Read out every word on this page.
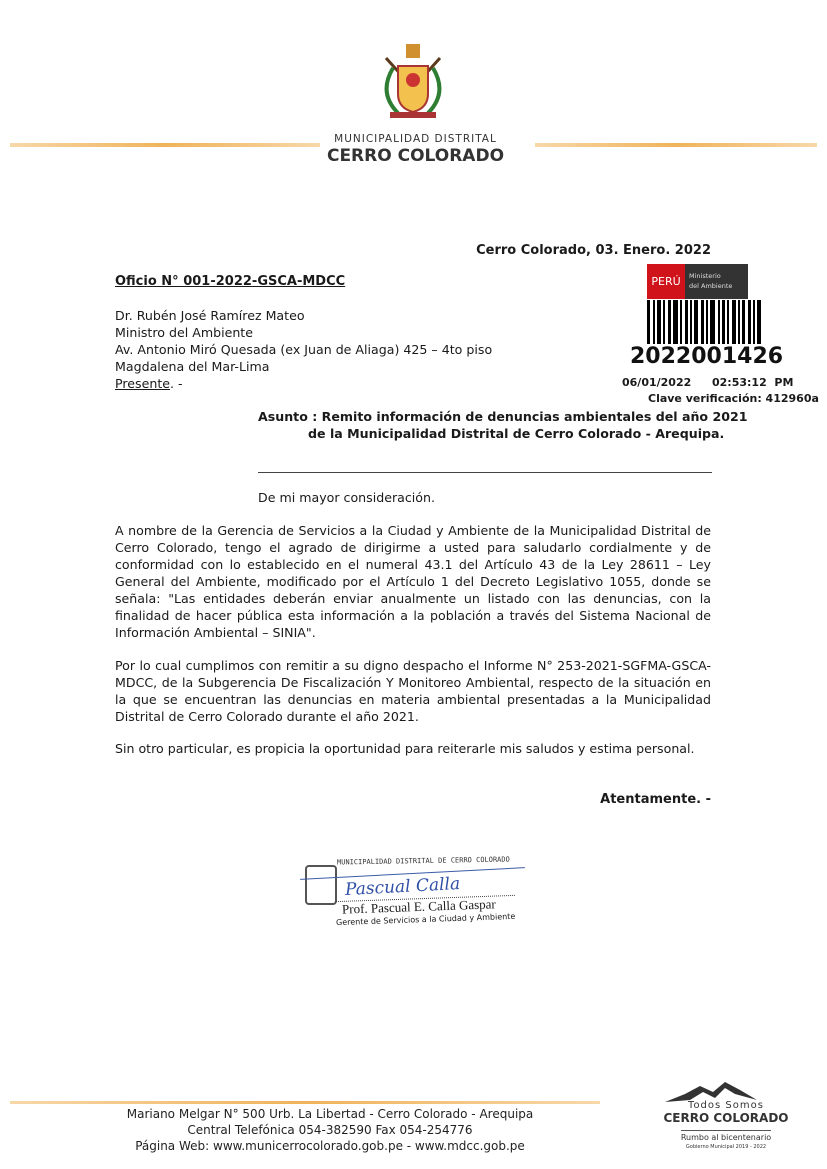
MUNICIPALIDAD DISTRITAL
CERRO COLORADO
Cerro Colorado, 03. Enero. 2022
Oficio N° 001-2022-GSCA-MDCC	PERÚ	Ministerio
del Ambiente
2022001426
06/01/2022 02:53:12  PM
Clave verificación: 412960a
Dr. Rubén José Ramírez Mateo
Ministro del Ambiente
Av. Antonio Miró Quesada (ex Juan de Aliaga) 425 – 4to piso
Magdalena del Mar-Lima
Presente. -
Asunto : Remito información de denuncias ambientales del año 2021
de la Municipalidad Distrital de Cerro Colorado - Arequipa.
De mi mayor consideración.
A nombre de la Gerencia de Servicios a la Ciudad y Ambiente de la Municipalidad Distrital de Cerro Colorado, tengo el agrado de dirigirme a usted para saludarlo cordialmente y de conformidad con lo establecido en el numeral 43.1 del Artículo 43 de la Ley 28611 – Ley General del Ambiente, modificado por el Artículo 1 del Decreto Legislativo 1055, donde se señala: "Las entidades deberán enviar anualmente un listado con las denuncias, con la finalidad de hacer pública esta información a la población a través del Sistema Nacional de Información Ambiental – SINIA".
Por lo cual cumplimos con remitir a su digno despacho el Informe N° 253-2021-SGFMA-GSCA-MDCC, de la Subgerencia De Fiscalización Y Monitoreo Ambiental, respecto de la situación en la que se encuentran las denuncias en materia ambiental presentadas a la Municipalidad Distrital de Cerro Colorado durante el año 2021.
Sin otro particular, es propicia la oportunidad para reiterarle mis saludos y estima personal.
Atentamente. -
MUNICIPALIDAD DISTRITAL DE CERRO COLORADO
Pascual Calla
Prof. Pascual E. Calla Gaspar
Gerente de Servicios a la Ciudad y Ambiente
Mariano Melgar N° 500 Urb. La Libertad - Cerro Colorado - Arequipa
Central Telefónica 054-382590 Fax 054-254776
Página Web: www.municerrocolorado.gob.pe - www.mdcc.gob.pe
Todos Somos
CERRO COLORADO
Rumbo al bicentenario
Gobierno Municipal 2019 - 2022
